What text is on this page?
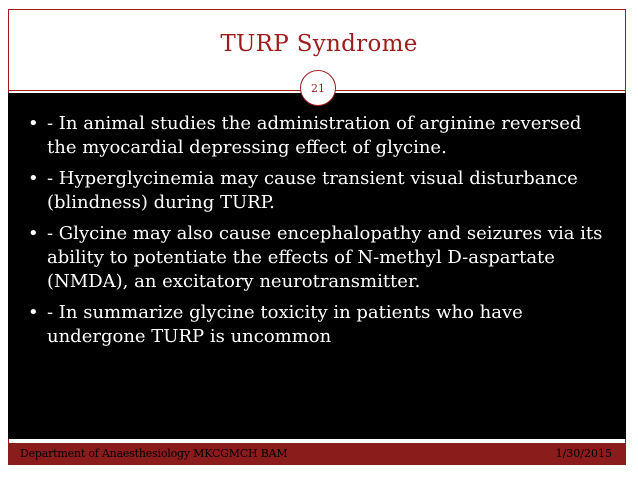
TURP Syndrome
21
• - In animal studies the administration of arginine reversed the myocardial depressing effect of glycine.
• - Hyperglycinemia may cause transient visual disturbance (blindness) during TURP.
• - Glycine may also cause encephalopathy and seizures via its ability to potentiate the effects of N-methyl D-aspartate (NMDA), an excitatory neurotransmitter.
• - In summarize glycine toxicity in patients who have undergone TURP is uncommon
Department of Anaesthesiology MKCGMCH BAM	1/30/2015
